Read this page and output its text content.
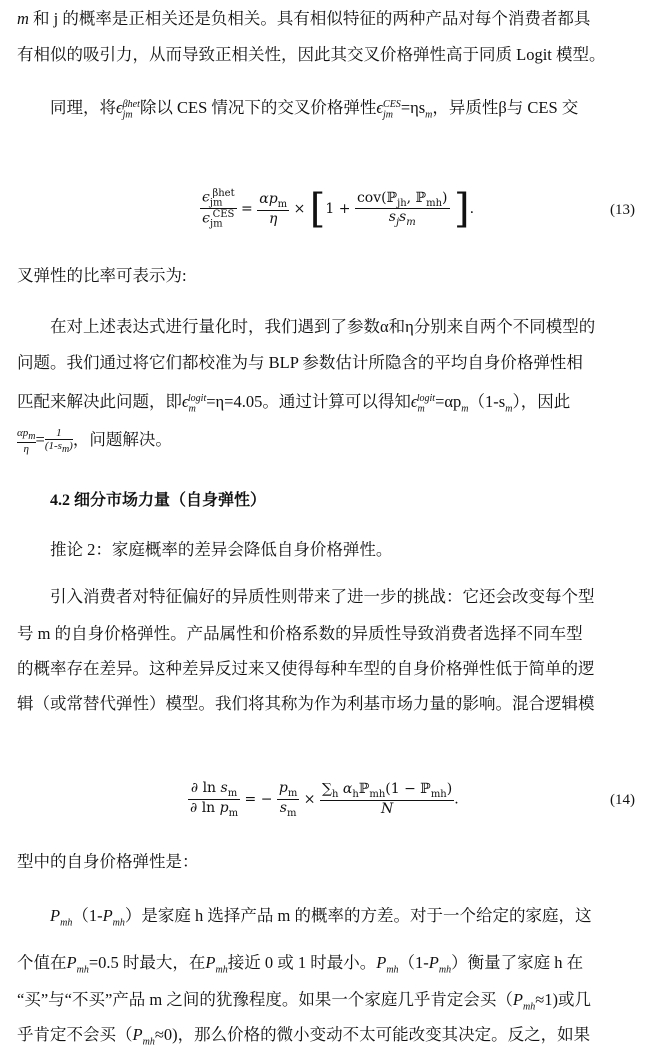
m 和 j 的概率是正相关还是负相关。具有相似特征的两种产品对每个消费者都具
有相似的吸引力，从而导致正相关性，因此其交叉价格弹性高于同质 Logit 模型。
同理，将$\epsilon_{jm}^{\beta het}$除以 CES 情况下的交叉价格弹性$\epsilon_{jm}^{CES}=\eta s_m$，异质性β与 CES 交
$\frac{\epsilon_{jm}^{\beta het}}{\epsilon_{jm}^{CES}} = \frac{\alpha p_m}{\eta} \times [1 + \frac{cov(ℙ_{jh}, ℙ_{mh})}{s_js_m}$ ].	(13)
叉弹性的比率可表示为:
在对上述表达式进行量化时，我们遇到了参数α和η分别来自两个不同模型的
问题。我们通过将它们都校准为与 BLP 参数估计所隐含的平均自身价格弹性相
匹配来解决此问题，即$\epsilon_m^{logit}=\eta=4.05$。通过计算可以得知$\epsilon_m^{logit}=\alpha p_m(1-s_m)$，因此
$\frac{\alpha p_m}{\eta} = \frac{1}{(1-s_m)}$ ，问题解决。
4.2 细分市场力量（自身弹性）
推论 2：家庭概率的差异会降低自身价格弹性。
引入消费者对特征偏好的异质性则带来了进一步的挑战：它还会改变每个型
号 m 的自身价格弹性。产品属性和价格系数的异质性导致消费者选择不同车型
的概率存在差异。这种差异反过来又使得每种车型的自身价格弹性低于简单的逻
辑（或常替代弹性）模型。我们将其称为作为利基市场力量的影响。混合逻辑模
$\frac{\partial \ln s_m}{\partial \ln p_m}$ = − $\frac{p_m}{s_m} \times \frac{\sum_h \alpha_hℙ_{mh}(1 - ℙ_{mh})}{N}$ .	(14)
型中的自身价格弹性是：
$P_{mh}(1-P_{mh})$是家庭 h 选择产品 m 的概率的方差。对于一个给定的家庭，这
个值在$P_{mh}=0.5$ 时最大，在$P_{mh}$接近 0 或 1 时最小。$P_{mh}(1-P_{mh})$衡量了家庭 h 在
“买”与“不买”产品 m 之间的犹豫程度。如果一个家庭几乎肯定会买$(P_{mh}\approx 1)$或几
乎肯定不会买$(P_{mh}\approx 0)$，那么价格的微小变动不太可能改变其决定。反之，如果
